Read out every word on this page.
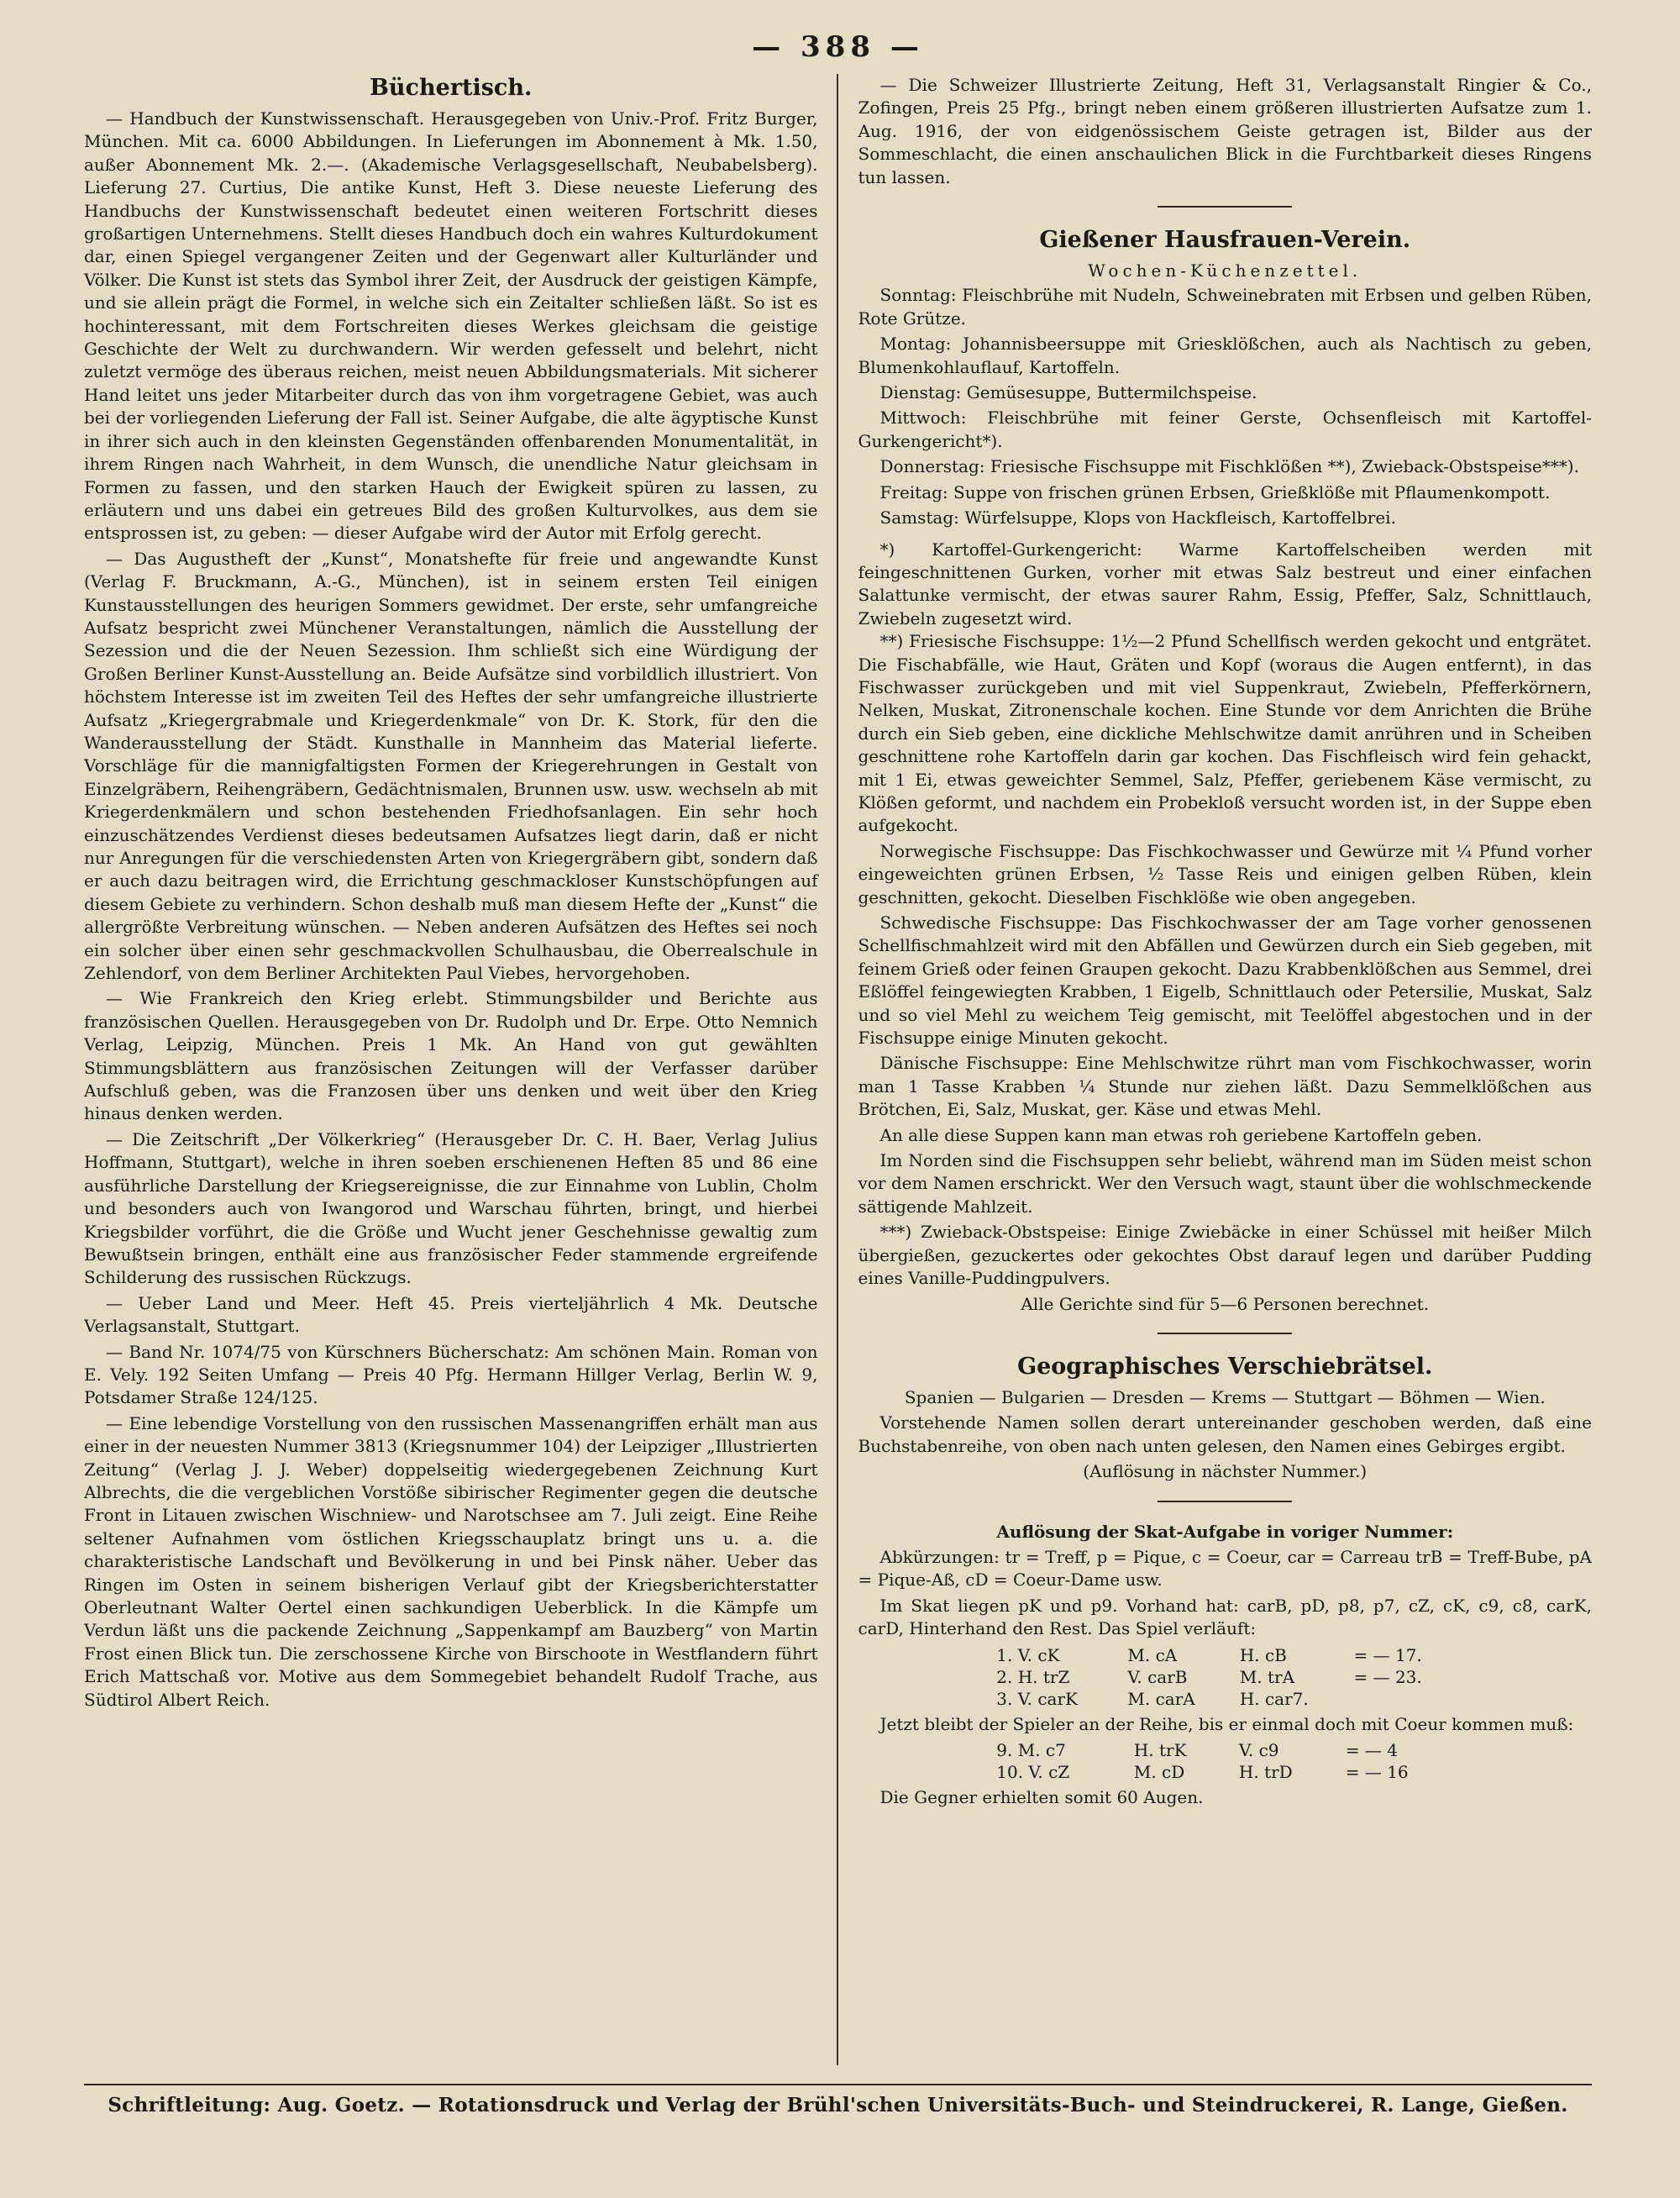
— 388 —
Büchertisch.

— Handbuch der Kunstwissenschaft. Herausgegeben von Univ.-Prof. Fritz Burger, München. Mit ca. 6000 Abbildungen. In Lieferungen im Abonnement à Mk. 1.50, außer Abonnement Mk. 2.—. (Akademische Verlagsgesellschaft, Neubabelsberg). Lieferung 27. Curtius, Die antike Kunst, Heft 3. Diese neueste Lieferung des Handbuchs der Kunstwissenschaft bedeutet einen weiteren Fortschritt dieses großartigen Unternehmens. Stellt dieses Handbuch doch ein wahres Kulturdokument dar, einen Spiegel vergangener Zeiten und der Gegenwart aller Kulturländer und Völker. Die Kunst ist stets das Symbol ihrer Zeit, der Ausdruck der geistigen Kämpfe, und sie allein prägt die Formel, in welche sich ein Zeitalter schließen läßt. So ist es hochinteressant, mit dem Fortschreiten dieses Werkes gleichsam die geistige Geschichte der Welt zu durchwandern. Wir werden gefesselt und belehrt, nicht zuletzt vermöge des überaus reichen, meist neuen Abbildungsmaterials. Mit sicherer Hand leitet uns jeder Mitarbeiter durch das von ihm vorgetragene Gebiet, was auch bei der vorliegenden Lieferung der Fall ist. Seiner Aufgabe, die alte ägyptische Kunst in ihrer sich auch in den kleinsten Gegenständen offenbarenden Monumentalität, in ihrem Ringen nach Wahrheit, in dem Wunsch, die unendliche Natur gleichsam in Formen zu fassen, und den starken Hauch der Ewigkeit spüren zu lassen, zu erläutern und uns dabei ein getreues Bild des großen Kulturvolkes, aus dem sie entsprossen ist, zu geben: — dieser Aufgabe wird der Autor mit Erfolg gerecht.

— Das Augustheft der „Kunst“, Monatshefte für freie und angewandte Kunst (Verlag F. Bruckmann, A.-G., München), ist in seinem ersten Teil einigen Kunstausstellungen des heurigen Sommers gewidmet. Der erste, sehr umfangreiche Aufsatz bespricht zwei Münchener Veranstaltungen, nämlich die Ausstellung der Sezession und die der Neuen Sezession. Ihm schließt sich eine Würdigung der Großen Berliner Kunst-Ausstellung an. Beide Aufsätze sind vorbildlich illustriert. Von höchstem Interesse ist im zweiten Teil des Heftes der sehr umfangreiche illustrierte Aufsatz „Kriegergrabmale und Kriegerdenkmale“ von Dr. K. Stork, für den die Wanderausstellung der Städt. Kunsthalle in Mannheim das Material lieferte. Vorschläge für die mannigfaltigsten Formen der Kriegerehrungen in Gestalt von Einzelgräbern, Reihengräbern, Gedächtnismalen, Brunnen usw. usw. wechseln ab mit Kriegerdenkmälern und schon bestehenden Friedhofsanlagen. Ein sehr hoch einzuschätzendes Verdienst dieses bedeutsamen Aufsatzes liegt darin, daß er nicht nur Anregungen für die verschiedensten Arten von Kriegergräbern gibt, sondern daß er auch dazu beitragen wird, die Errichtung geschmackloser Kunstschöpfungen auf diesem Gebiete zu verhindern. Schon deshalb muß man diesem Hefte der „Kunst“ die allergrößte Verbreitung wünschen. — Neben anderen Aufsätzen des Heftes sei noch ein solcher über einen sehr geschmackvollen Schulhausbau, die Oberrealschule in Zehlendorf, von dem Berliner Architekten Paul Viebes, hervorgehoben.

— Wie Frankreich den Krieg erlebt. Stimmungsbilder und Berichte aus französischen Quellen. Herausgegeben von Dr. Rudolph und Dr. Erpe. Otto Nemnich Verlag, Leipzig, München. Preis 1 Mk. An Hand von gut gewählten Stimmungsblättern aus französischen Zeitungen will der Verfasser darüber Aufschluß geben, was die Franzosen über uns denken und weit über den Krieg hinaus denken werden.

— Die Zeitschrift „Der Völkerkrieg“ (Herausgeber Dr. C. H. Baer, Verlag Julius Hoffmann, Stuttgart), welche in ihren soeben erschienenen Heften 85 und 86 eine ausführliche Darstellung der Kriegsereignisse, die zur Einnahme von Lublin, Cholm und besonders auch von Iwangorod und Warschau führten, bringt, und hierbei Kriegsbilder vorführt, die die Größe und Wucht jener Geschehnisse gewaltig zum Bewußtsein bringen, enthält eine aus französischer Feder stammende ergreifende Schilderung des russischen Rückzugs.

— Ueber Land und Meer. Heft 45. Preis vierteljährlich 4 Mk. Deutsche Verlagsanstalt, Stuttgart.

— Band Nr. 1074/75 von Kürschners Bücherschatz: Am schönen Main. Roman von E. Vely. 192 Seiten Umfang — Preis 40 Pfg. Hermann Hillger Verlag, Berlin W. 9, Potsdamer Straße 124/125.

— Eine lebendige Vorstellung von den russischen Massenangriffen erhält man aus einer in der neuesten Nummer 3813 (Kriegsnummer 104) der Leipziger „Illustrierten Zeitung“ (Verlag J. J. Weber) doppelseitig wiedergegebenen Zeichnung Kurt Albrechts, die die vergeblichen Vorstöße sibirischer Regimenter gegen die deutsche Front in Litauen zwischen Wischniew- und Narotschsee am 7. Juli zeigt. Eine Reihe seltener Aufnahmen vom östlichen Kriegsschauplatz bringt uns u. a. die charakteristische Landschaft und Bevölkerung in und bei Pinsk näher. Ueber das Ringen im Osten in seinem bisherigen Verlauf gibt der Kriegsberichterstatter Oberleutnant Walter Oertel einen sachkundigen Ueberblick. In die Kämpfe um Verdun läßt uns die packende Zeichnung „Sappenkampf am Bauzberg“ von Martin Frost einen Blick tun. Die zerschossene Kirche von Birschoote in Westflandern führt Erich Mattschaß vor. Motive aus dem Sommegebiet behandelt Rudolf Trache, aus Südtirol Albert Reich.

— Die Schweizer Illustrierte Zeitung, Heft 31, Verlagsanstalt Ringier & Co., Zofingen, Preis 25 Pfg., bringt neben einem größeren illustrierten Aufsatze zum 1. Aug. 1916, der von eidgenössischem Geiste getragen ist, Bilder aus der Sommeschlacht, die einen anschaulichen Blick in die Furchtbarkeit dieses Ringens tun lassen.

Gießener Hausfrauen-Verein.
Wochen-Küchenzettel.

Sonntag: Fleischbrühe mit Nudeln, Schweinebraten mit Erbsen und gelben Rüben, Rote Grütze.

Montag: Johannisbeersuppe mit Griesklößchen, auch als Nachtisch zu geben, Blumenkohlauflauf, Kartoffeln.

Dienstag: Gemüsesuppe, Buttermilchspeise.

Mittwoch: Fleischbrühe mit feiner Gerste, Ochsenfleisch mit Kartoffel-Gurkengericht*).

Donnerstag: Friesische Fischsuppe mit Fischklößen **), Zwieback-Obstspeise***).

Freitag: Suppe von frischen grünen Erbsen, Grießklöße mit Pflaumenkompott.

Samstag: Würfelsuppe, Klops von Hackfleisch, Kartoffelbrei.

*) Kartoffel-Gurkengericht: Warme Kartoffelscheiben werden mit feingeschnittenen Gurken, vorher mit etwas Salz bestreut und einer einfachen Salattunke vermischt, der etwas saurer Rahm, Essig, Pfeffer, Salz, Schnittlauch, Zwiebeln zugesetzt wird.

**) Friesische Fischsuppe: 1½—2 Pfund Schellfisch werden gekocht und entgrätet. Die Fischabfälle, wie Haut, Gräten und Kopf (woraus die Augen entfernt), in das Fischwasser zurückgeben und mit viel Suppenkraut, Zwiebeln, Pfefferkörnern, Nelken, Muskat, Zitronenschale kochen. Eine Stunde vor dem Anrichten die Brühe durch ein Sieb geben, eine dickliche Mehlschwitze damit anrühren und in Scheiben geschnittene rohe Kartoffeln darin gar kochen. Das Fischfleisch wird fein gehackt, mit 1 Ei, etwas geweichter Semmel, Salz, Pfeffer, geriebenem Käse vermischt, zu Klößen geformt, und nachdem ein Probekloß versucht worden ist, in der Suppe eben aufgekocht.

Norwegische Fischsuppe: Das Fischkochwasser und Gewürze mit ¼ Pfund vorher eingeweichten grünen Erbsen, ½ Tasse Reis und einigen gelben Rüben, klein geschnitten, gekocht. Dieselben Fischklöße wie oben angegeben.

Schwedische Fischsuppe: Das Fischkochwasser der am Tage vorher genossenen Schellfischmahlzeit wird mit den Abfällen und Gewürzen durch ein Sieb gegeben, mit feinem Grieß oder feinen Graupen gekocht. Dazu Krabbenklößchen aus Semmel, drei Eßlöffel feingewiegten Krabben, 1 Eigelb, Schnittlauch oder Petersilie, Muskat, Salz und so viel Mehl zu weichem Teig gemischt, mit Teelöffel abgestochen und in der Fischsuppe einige Minuten gekocht.

Dänische Fischsuppe: Eine Mehlschwitze rührt man vom Fischkochwasser, worin man 1 Tasse Krabben ¼ Stunde nur ziehen läßt. Dazu Semmelklößchen aus Brötchen, Ei, Salz, Muskat, ger. Käse und etwas Mehl.

An alle diese Suppen kann man etwas roh geriebene Kartoffeln geben.

Im Norden sind die Fischsuppen sehr beliebt, während man im Süden meist schon vor dem Namen erschrickt. Wer den Versuch wagt, staunt über die wohlschmeckende sättigende Mahlzeit.

***) Zwieback-Obstspeise: Einige Zwiebäcke in einer Schüssel mit heißer Milch übergießen, gezuckertes oder gekochtes Obst darauf legen und darüber Pudding eines Vanille-Puddingpulvers.

Alle Gerichte sind für 5—6 Personen berechnet.

Geographisches Verschiebrätsel.

Spanien — Bulgarien — Dresden — Krems — Stuttgart — Böhmen — Wien.

Vorstehende Namen sollen derart untereinander geschoben werden, daß eine Buchstabenreihe, von oben nach unten gelesen, den Namen eines Gebirges ergibt.

(Auflösung in nächster Nummer.)

Auflösung der Skat-Aufgabe in voriger Nummer:

Abkürzungen: tr = Treff, p = Pique, c = Coeur, car = Carreau trB = Treff-Bube, pA = Pique-Aß, cD = Coeur-Dame usw.

Im Skat liegen pK und p9. Vorhand hat: carB, pD, p8, p7, cZ, cK, c9, c8, carK, carD, Hinterhand den Rest. Das Spiel verläuft:

1. V. cK	M. cA	H. cB	= — 17.
2. H. trZ	V. carB	M. trA	= — 23.
3. V. carK	M. carA	H. car7.	

Jetzt bleibt der Spieler an der Reihe, bis er einmal doch mit Coeur kommen muß:

9. M. c7	H. trK	V. c9	= — 4
10. V. cZ	M. cD	H. trD	= — 16

Die Gegner erhielten somit 60 Augen.

Schriftleitung: Aug. Goetz. — Rotationsdruck und Verlag der Brühl'schen Universitäts-Buch- und Steindruckerei, R. Lange, Gießen.
